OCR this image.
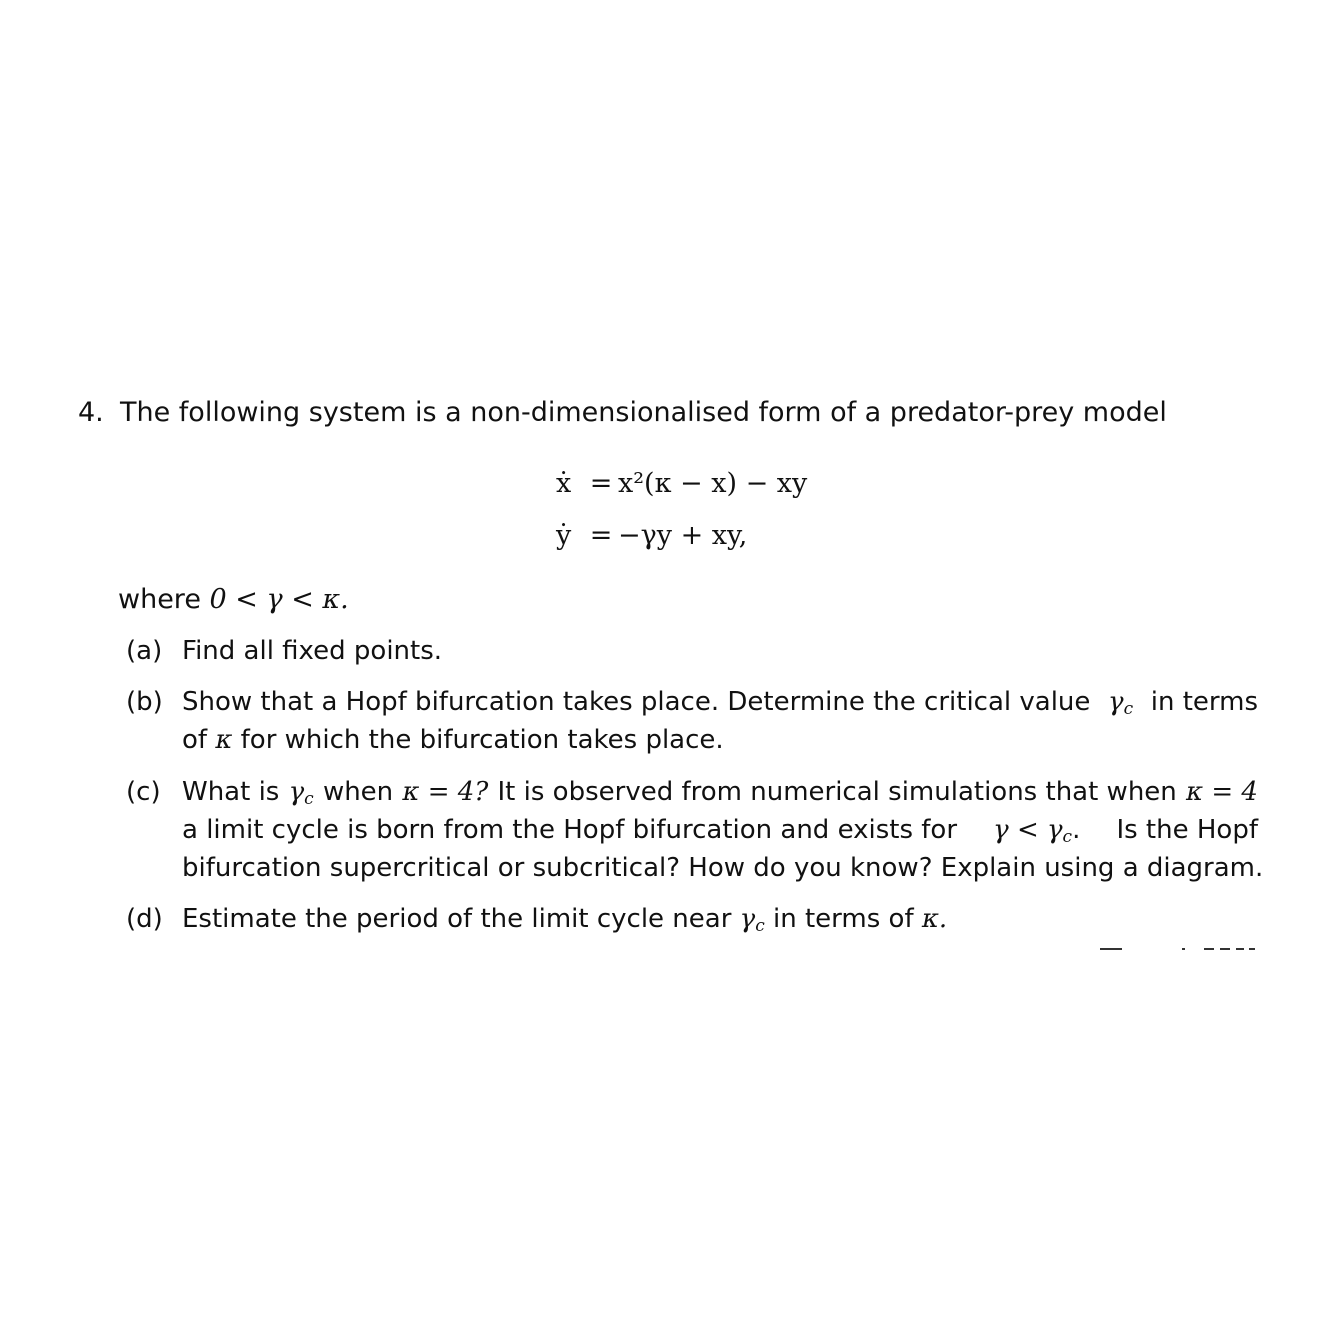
4. The following system is a non-dimensionalised form of a predator-prey model
ẋ = x²(κ − x) − xy
ẏ = −γy + xy,
where 0 < γ < κ.
(a) Find all fixed points.
(b) Show that a Hopf bifurcation takes place. Determine the critical value $\gamma_c$ in terms
of κ for which the bifurcation takes place.
(c) What is $\gamma_c$ when κ = 4? It is observed from numerical simulations that when κ = 4
a limit cycle is born from the Hopf bifurcation and exists for $\gamma < \gamma_c$. Is the Hopf
bifurcation supercritical or subcritical? How do you know? Explain using a diagram.
(d) Estimate the period of the limit cycle near $\gamma_c$ in terms of κ.
